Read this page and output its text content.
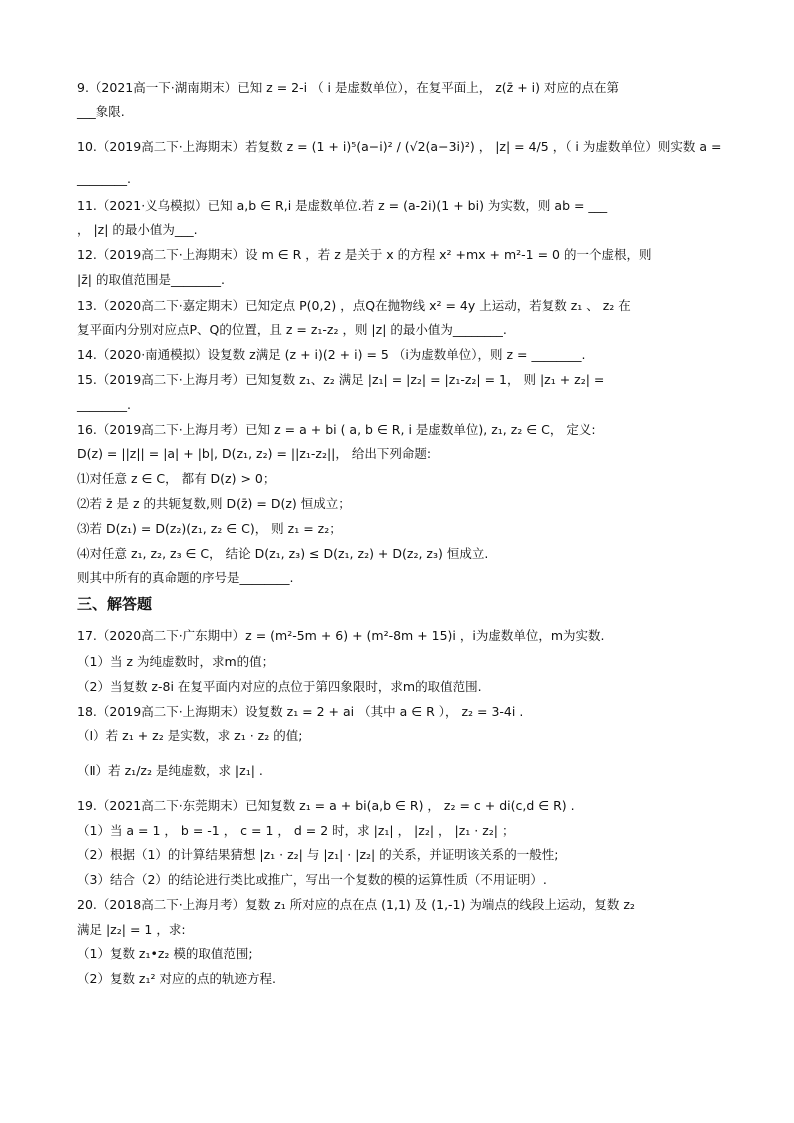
9.（2021高一下·湖南期末）已知 z = 2-i （ i 是虚数单位），在复平面上， z(z̄ + i) 对应的点在第
___象限.
10.（2019高二下·上海期末）若复数 z = (1 + i)⁵(a−i)² / (√2(a−3i)²) ， |z| = 4/5 ，（ i 为虚数单位）则实数 a =
________.
11.（2021·义乌模拟）已知 a,b ∈ R,i 是虚数单位.若 z = (a-2i)(1 + bi) 为实数，则 ab = ___
， |z| 的最小值为___.
12.（2019高二下·上海期末）设 m ∈ R ，若 z 是关于 x 的方程 x² +mx + m²-1 = 0 的一个虚根，则
|z̄| 的取值范围是________.
13.（2020高二下·嘉定期末）已知定点 P(0,2) ，点Q在抛物线 x² = 4y 上运动，若复数 z₁ 、 z₂ 在
复平面内分别对应点P、Q的位置，且 z = z₁-z₂ ，则 |z| 的最小值为________.
14.（2020·南通模拟）设复数 z满足 (z + i)(2 + i) = 5 （i为虚数单位），则 z = ________.
15.（2019高二下·上海月考）已知复数 z₁、z₂ 满足 |z₁| = |z₂| = |z₁-z₂| = 1， 则 |z₁ + z₂| =
________.
16.（2019高二下·上海月考）已知 z = a + bi ( a, b ∈ R, i 是虚数单位), z₁, z₂ ∈ C， 定义:
D(z) = ||z|| = |a| + |b|, D(z₁, z₂) = ||z₁-z₂||， 给出下列命题:
⑴对任意 z ∈ C， 都有 D(z) > 0；
⑵若 z̄ 是 z 的共轭复数,则 D(z̄) = D(z) 恒成立；
⑶若 D(z₁) = D(z₂)(z₁, z₂ ∈ C)， 则 z₁ = z₂；
⑷对任意 z₁, z₂, z₃ ∈ C， 结论 D(z₁, z₃) ≤ D(z₁, z₂) + D(z₂, z₃) 恒成立.
则其中所有的真命题的序号是________.
三、解答题
17.（2020高二下·广东期中）z = (m²-5m + 6) + (m²-8m + 15)i ，i为虚数单位，m为实数.
（1）当 z 为纯虚数时，求m的值；
（2）当复数 z-8i 在复平面内对应的点位于第四象限时，求m的取值范围.
18.（2019高二下·上海期末）设复数 z₁ = 2 + ai （其中 a ∈ R ）， z₂ = 3-4i .
（Ⅰ）若 z₁ + z₂ 是实数，求 z₁ · z₂ 的值;
（Ⅱ）若 z₁/z₂ 是纯虚数，求 |z₁| .
19.（2021高二下·东莞期末）已知复数 z₁ = a + bi(a,b ∈ R) ， z₂ = c + di(c,d ∈ R) .
（1）当 a = 1 ， b = -1 ， c = 1 ， d = 2 时，求 |z₁| ， |z₂| ， |z₁ · z₂| ；
（2）根据（1）的计算结果猜想 |z₁ · z₂| 与 |z₁| · |z₂| 的关系，并证明该关系的一般性;
（3）结合（2）的结论进行类比或推广，写出一个复数的模的运算性质（不用证明）.
20.（2018高二下·上海月考）复数 z₁ 所对应的点在点 (1,1) 及 (1,-1) 为端点的线段上运动，复数 z₂
满足 |z₂| = 1 ，求:
（1）复数 z₁•z₂ 模的取值范围;
（2）复数 z₁² 对应的点的轨迹方程.
